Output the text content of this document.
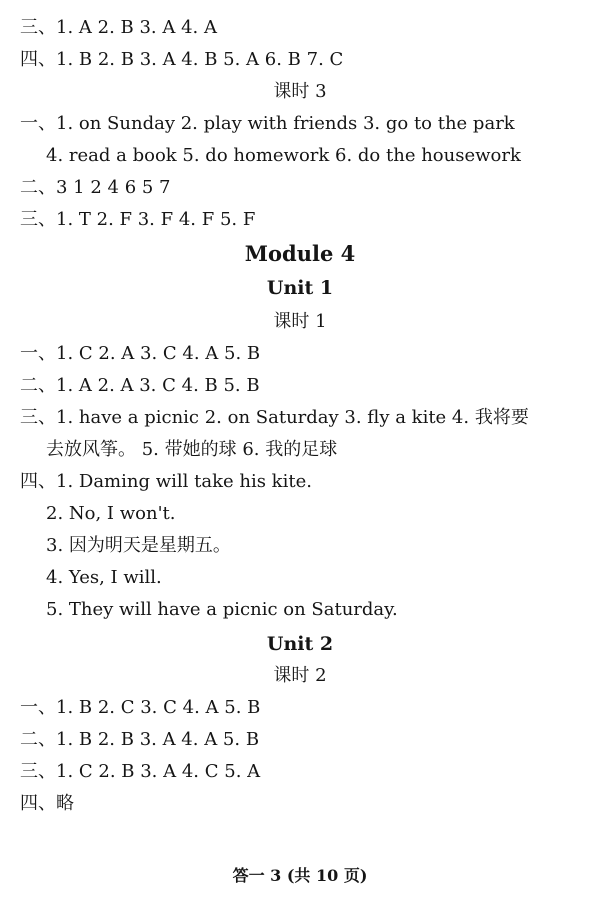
三、1. A 2. B 3. A 4. A
四、1. B 2. B 3. A 4. B 5. A 6. B 7. C
课时 3
一、1. on Sunday 2. play with friends 3. go to the park
4. read a book 5. do homework 6. do the housework
二、3 1 2 4 6 5 7
三、1. T 2. F 3. F 4. F 5. F
Module 4
Unit 1
课时 1
一、1. C 2. A 3. C 4. A 5. B
二、1. A 2. A 3. C 4. B 5. B
三、1. have a picnic 2. on Saturday 3. fly a kite 4. 我将要
去放风筝。 5. 带她的球 6. 我的足球
四、1. Daming will take his kite.
2. No, I won't.
3. 因为明天是星期五。
4. Yes, I will.
5. They will have a picnic on Saturday.
Unit 2
课时 2
一、1. B 2. C 3. C 4. A 5. B
二、1. B 2. B 3. A 4. A 5. B
三、1. C 2. B 3. A 4. C 5. A
四、略
答一 3 (共 10 页)
